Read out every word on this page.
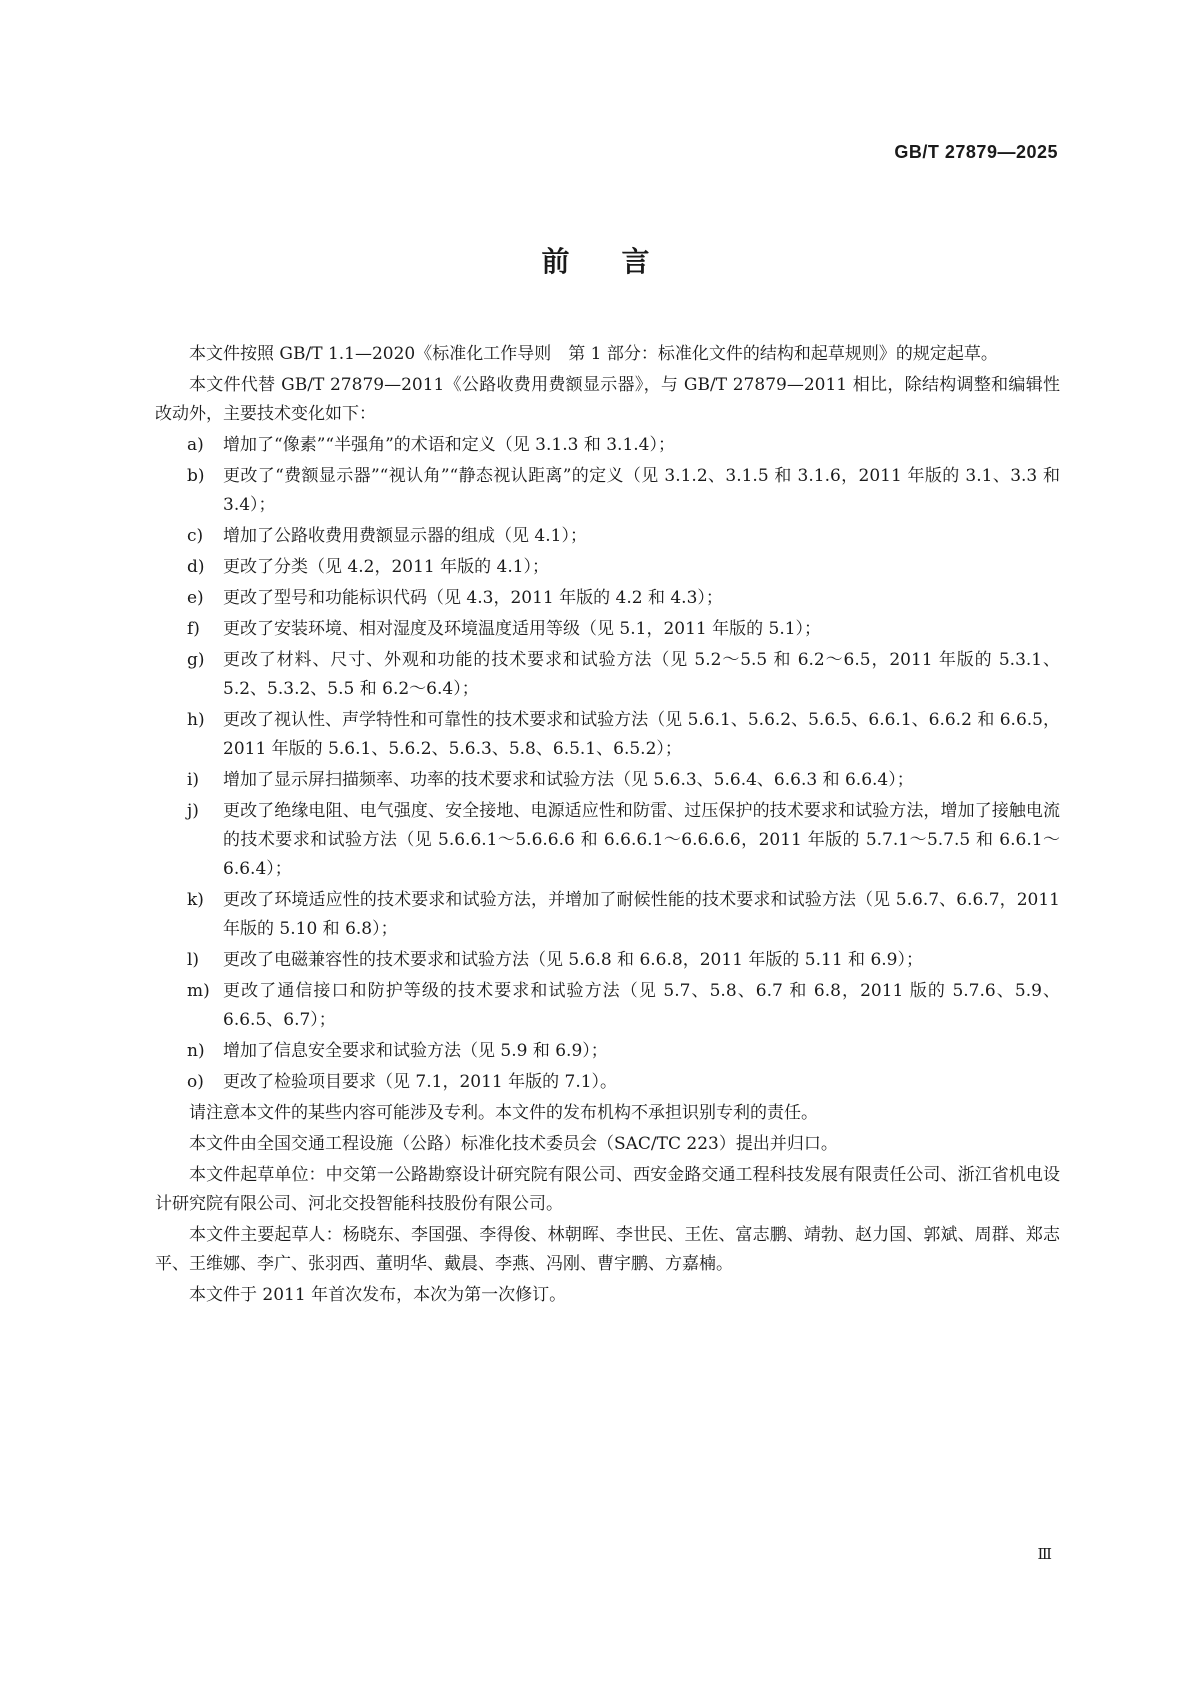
GB/T 27879—2025
前言

本文件按照 GB/T 1.1—2020《标准化工作导则　第 1 部分：标准化文件的结构和起草规则》的规定起草。

本文件代替 GB/T 27879—2011《公路收费用费额显示器》，与 GB/T 27879—2011 相比，除结构调整和编辑性改动外，主要技术变化如下：

a)	增加了“像素”“半强角”的术语和定义（见 3.1.3 和 3.1.4）；
b)	更改了“费额显示器”“视认角”“静态视认距离”的定义（见 3.1.2、3.1.5 和 3.1.6，2011 年版的 3.1、3.3 和 3.4）；
c)	增加了公路收费用费额显示器的组成（见 4.1）；
d)	更改了分类（见 4.2，2011 年版的 4.1）；
e)	更改了型号和功能标识代码（见 4.3，2011 年版的 4.2 和 4.3）；
f)	更改了安装环境、相对湿度及环境温度适用等级（见 5.1，2011 年版的 5.1）；
g)	更改了材料、尺寸、外观和功能的技术要求和试验方法（见 5.2～5.5 和 6.2～6.5，2011 年版的 5.3.1、5.2、5.3.2、5.5 和 6.2～6.4）；
h)	更改了视认性、声学特性和可靠性的技术要求和试验方法（见 5.6.1、5.6.2、5.6.5、6.6.1、6.6.2 和 6.6.5，2011 年版的 5.6.1、5.6.2、5.6.3、5.8、6.5.1、6.5.2）；
i)	增加了显示屏扫描频率、功率的技术要求和试验方法（见 5.6.3、5.6.4、6.6.3 和 6.6.4）；
j)	更改了绝缘电阻、电气强度、安全接地、电源适应性和防雷、过压保护的技术要求和试验方法，增加了接触电流的技术要求和试验方法（见 5.6.6.1～5.6.6.6 和 6.6.6.1～6.6.6.6，2011 年版的 5.7.1～5.7.5 和 6.6.1～6.6.4）；
k)	更改了环境适应性的技术要求和试验方法，并增加了耐候性能的技术要求和试验方法（见 5.6.7、6.6.7，2011 年版的 5.10 和 6.8）；
l)	更改了电磁兼容性的技术要求和试验方法（见 5.6.8 和 6.6.8，2011 年版的 5.11 和 6.9）；
m) 更改了通信接口和防护等级的技术要求和试验方法（见 5.7、5.8、6.7 和 6.8，2011 版的 5.7.6、5.9、6.6.5、6.7）；
n)	增加了信息安全要求和试验方法（见 5.9 和 6.9）；
o)	更改了检验项目要求（见 7.1，2011 年版的 7.1）。

请注意本文件的某些内容可能涉及专利。本文件的发布机构不承担识别专利的责任。

本文件由全国交通工程设施（公路）标准化技术委员会（SAC/TC 223）提出并归口。

本文件起草单位：中交第一公路勘察设计研究院有限公司、西安金路交通工程科技发展有限责任公司、浙江省机电设计研究院有限公司、河北交投智能科技股份有限公司。

本文件主要起草人：杨晓东、李国强、李得俊、林朝晖、李世民、王佐、富志鹏、靖勃、赵力国、郭斌、周群、郑志平、王维娜、李广、张羽西、董明华、戴晨、李燕、冯刚、曹宇鹏、方嘉楠。

本文件于 2011 年首次发布，本次为第一次修订。

Ⅲ
